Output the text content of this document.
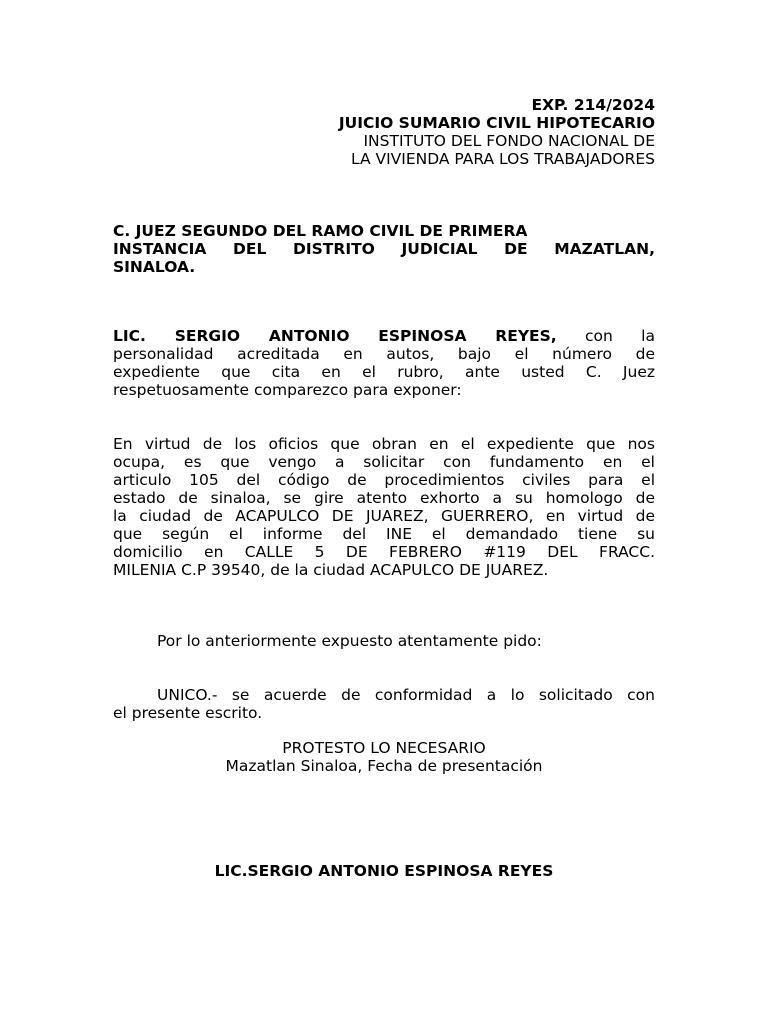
EXP. 214/2024
JUICIO SUMARIO CIVIL HIPOTECARIO
INSTITUTO DEL FONDO NACIONAL DE
LA VIVIENDA PARA LOS TRABAJADORES
C. JUEZ SEGUNDO DEL RAMO CIVIL DE PRIMERA
INSTANCIA DEL DISTRITO JUDICIAL DE MAZATLAN,
SINALOA.
LIC. SERGIO ANTONIO ESPINOSA REYES, con la
personalidad acreditada en autos, bajo el número de
expediente que cita en el rubro, ante usted C. Juez
respetuosamente comparezco para exponer:
En virtud de los oficios que obran en el expediente que nos
ocupa, es que vengo a solicitar con fundamento en el
articulo 105 del código de procedimientos civiles para el
estado de sinaloa, se gire atento exhorto a su homologo de
la ciudad de ACAPULCO DE JUAREZ, GUERRERO, en virtud de
que según el informe del INE el demandado tiene su
domicilio en CALLE 5 DE FEBRERO #119 DEL FRACC.
MILENIA C.P 39540, de la ciudad ACAPULCO DE JUAREZ.
Por lo anteriormente expuesto atentamente pido:
UNICO.- se acuerde de conformidad a lo solicitado con
el presente escrito.
PROTESTO LO NECESARIO
Mazatlan Sinaloa, Fecha de presentación
LIC.SERGIO ANTONIO ESPINOSA REYES
